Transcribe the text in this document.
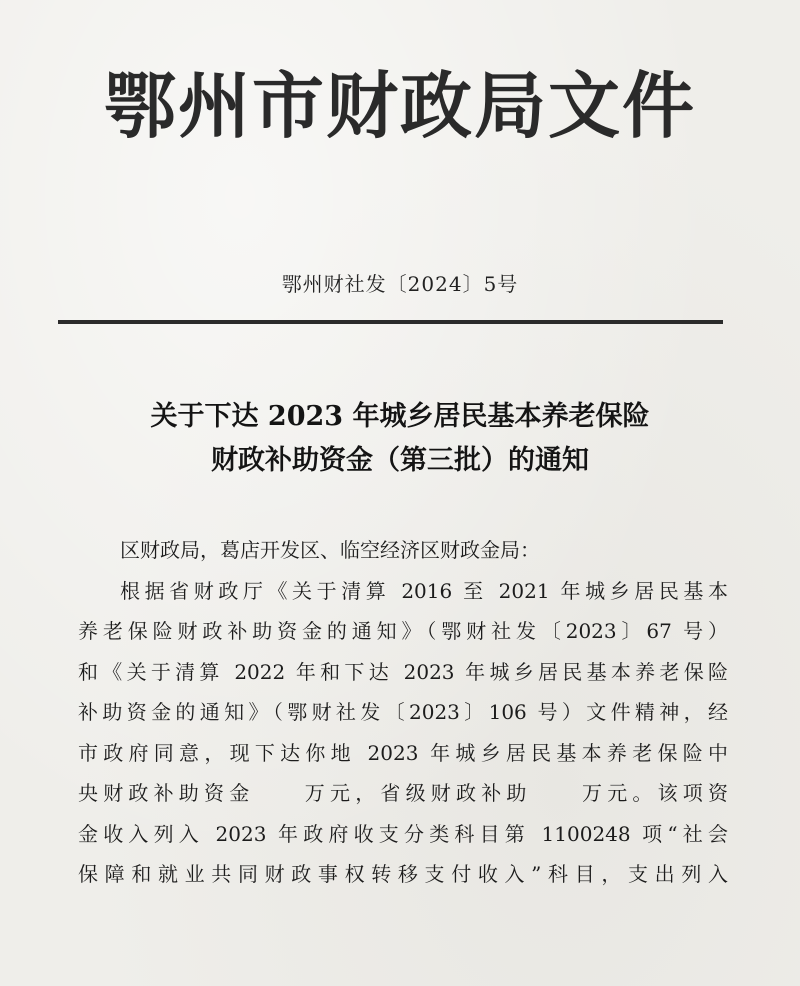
鄂州市财政局文件
鄂州财社发〔2024〕5号
关于下达 2023 年城乡居民基本养老保险
财政补助资金（第三批）的通知
区财政局，葛店开发区、临空经济区财政金局：
根据省财政厅《关于清算 2016 至 2021 年城乡居民基本
养老保险财政补助资金的通知》（鄂财社发〔2023〕67 号）
和《关于清算 2022 年和下达 2023 年城乡居民基本养老保险
补助资金的通知》（鄂财社发〔2023〕106 号）文件精神，经
市政府同意，现下达你地 2023 年城乡居民基本养老保险中
央财政补助资金　　万元，省级财政补助　　万元。该项资
金收入列入 2023 年政府收支分类科目第 1100248 项“社会
保障和就业共同财政事权转移支付收入”科目，支出列入
